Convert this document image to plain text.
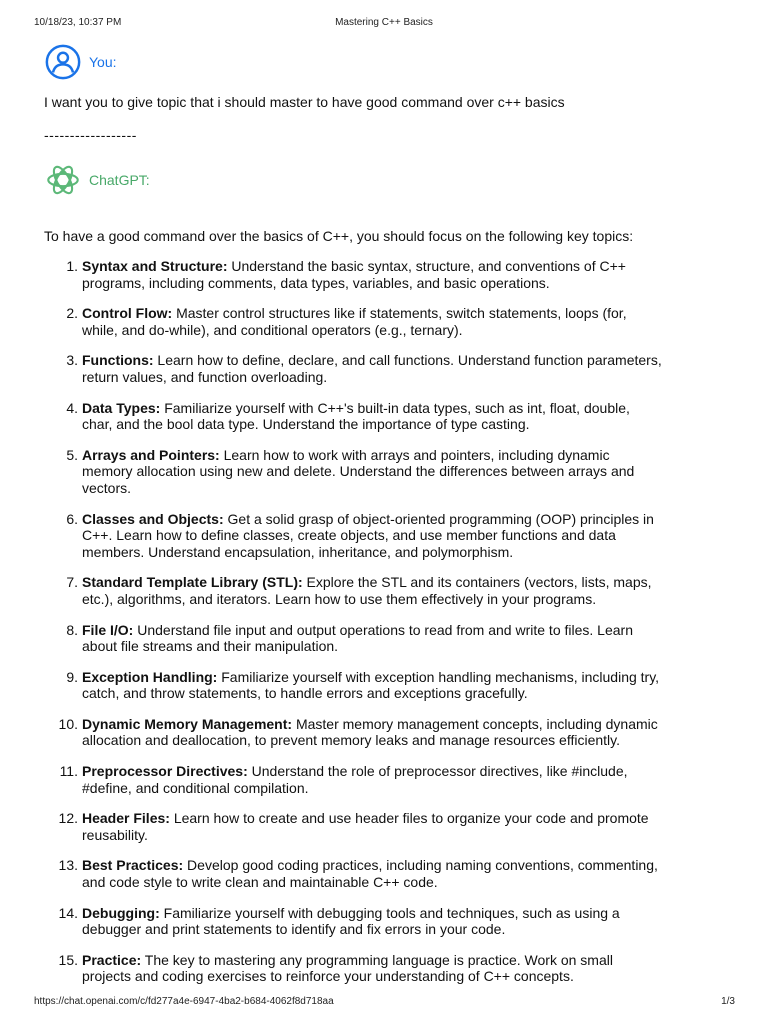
10/18/23, 10:37 PM	Mastering C++ Basics
You:
I want you to give topic that i should master to have good command over c++ basics
------------------
ChatGPT:
To have a good command over the basics of C++, you should focus on the following key topics:
1. Syntax and Structure: Understand the basic syntax, structure, and conventions of C++
programs, including comments, data types, variables, and basic operations.
2. Control Flow: Master control structures like if statements, switch statements, loops (for,
while, and do-while), and conditional operators (e.g., ternary).
3. Functions: Learn how to define, declare, and call functions. Understand function parameters,
return values, and function overloading.
4. Data Types: Familiarize yourself with C++'s built-in data types, such as int, float, double,
char, and the bool data type. Understand the importance of type casting.
5. Arrays and Pointers: Learn how to work with arrays and pointers, including dynamic
memory allocation using new and delete. Understand the differences between arrays and
vectors.
6. Classes and Objects: Get a solid grasp of object-oriented programming (OOP) principles in
C++. Learn how to define classes, create objects, and use member functions and data
members. Understand encapsulation, inheritance, and polymorphism.
7. Standard Template Library (STL): Explore the STL and its containers (vectors, lists, maps,
etc.), algorithms, and iterators. Learn how to use them effectively in your programs.
8. File I/O: Understand file input and output operations to read from and write to files. Learn
about file streams and their manipulation.
9. Exception Handling: Familiarize yourself with exception handling mechanisms, including try,
catch, and throw statements, to handle errors and exceptions gracefully.
10. Dynamic Memory Management: Master memory management concepts, including dynamic
allocation and deallocation, to prevent memory leaks and manage resources efficiently.
11. Preprocessor Directives: Understand the role of preprocessor directives, like #include,
#define, and conditional compilation.
12. Header Files: Learn how to create and use header files to organize your code and promote
reusability.
13. Best Practices: Develop good coding practices, including naming conventions, commenting,
and code style to write clean and maintainable C++ code.
14. Debugging: Familiarize yourself with debugging tools and techniques, such as using a
debugger and print statements to identify and fix errors in your code.
15. Practice: The key to mastering any programming language is practice. Work on small
projects and coding exercises to reinforce your understanding of C++ concepts.
https://chat.openai.com/c/fd277a4e-6947-4ba2-b684-4062f8d718aa	1/3
